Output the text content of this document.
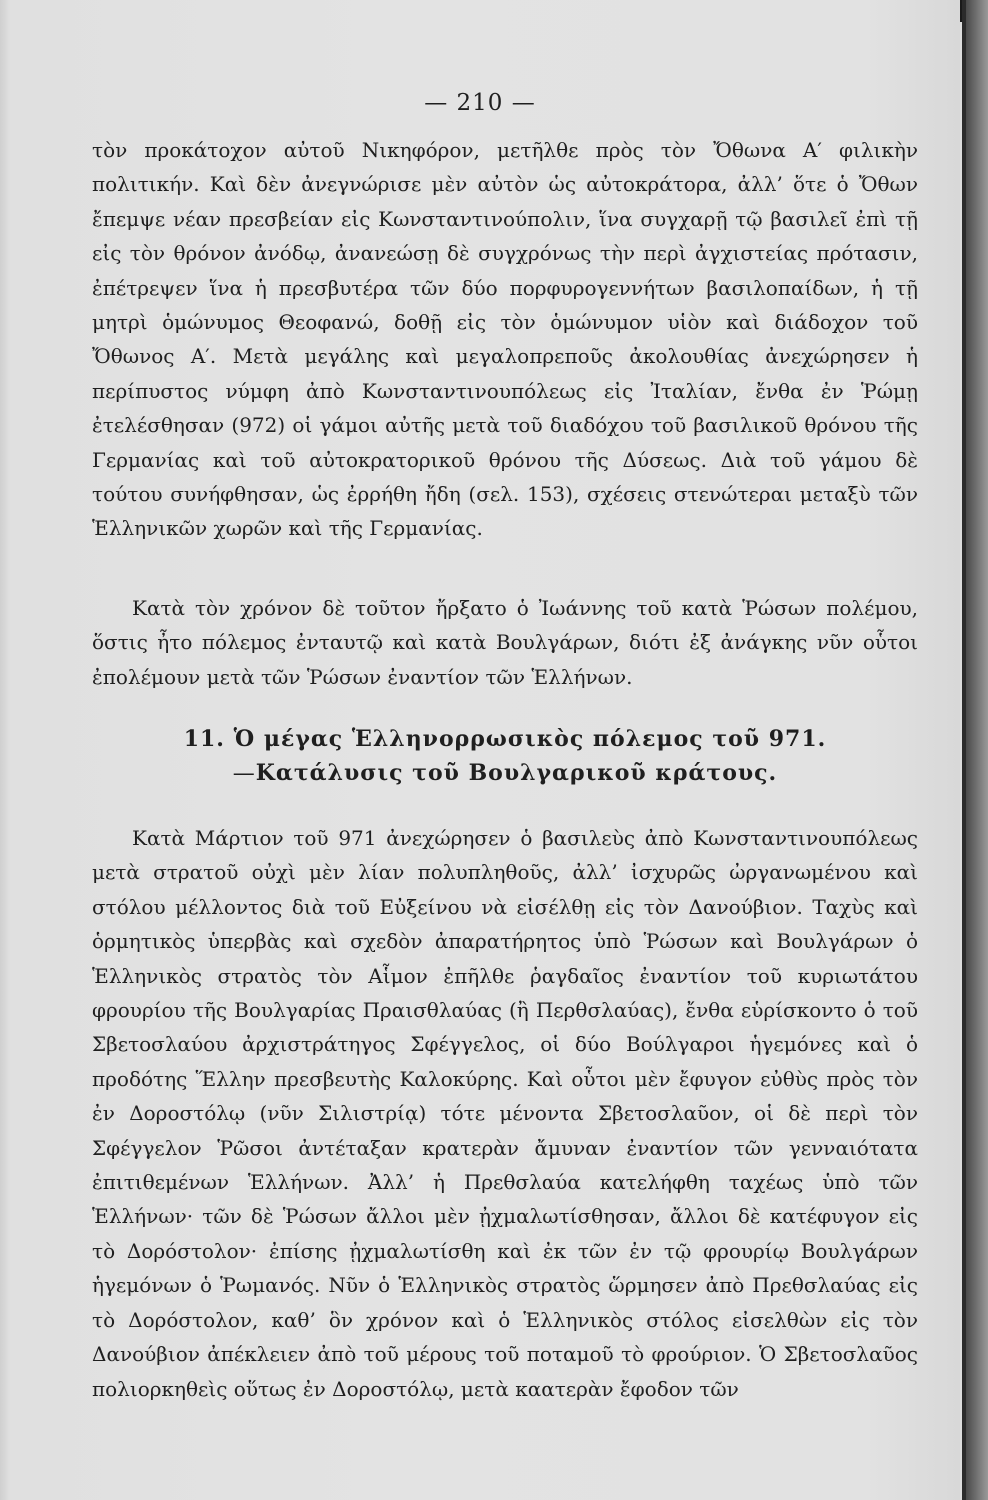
— 210 —

τὸν προκάτοχον αὐτοῦ Νικηφόρον, μετῆλθε πρὸς τὸν Ὄθωνα Α′ φιλικὴν πολιτικήν. Καὶ δὲν ἀνεγνώρισε μὲν αὐτὸν ὡς αὐτοκράτορα, ἀλλ’ ὅτε ὁ Ὄθων ἔπεμψε νέαν πρεσβείαν εἰς Κωνσταντινούπολιν, ἵνα συγχαρῇ τῷ βασιλεῖ ἐπὶ τῇ εἰς τὸν θρόνον ἀνόδῳ, ἀνανεώσῃ δὲ συγχρόνως τὴν περὶ ἀγχιστείας πρότασιν, ἐπέτρεψεν ἵνα ἡ πρεσβυτέρα τῶν δύο πορφυρογεννήτων βασιλοπαίδων, ἡ τῇ μητρὶ ὁμώνυμος Θεοφανώ, δοθῇ εἰς τὸν ὁμώνυμον υἱὸν καὶ διάδοχον τοῦ Ὄθωνος Α′. Μετὰ μεγάλης καὶ μεγαλοπρεποῦς ἀκολουθίας ἀνεχώρησεν ἡ περίπυστος νύμφη ἀπὸ Κωνσταντινουπόλεως εἰς Ἰταλίαν, ἔνθα ἐν Ῥώμῃ ἐτελέσθησαν (972) οἱ γάμοι αὐτῆς μετὰ τοῦ διαδόχου τοῦ βασιλικοῦ θρόνου τῆς Γερμανίας καὶ τοῦ αὐτοκρατορικοῦ θρόνου τῆς Δύσεως. Διὰ τοῦ γάμου δὲ τούτου συνήφθησαν, ὡς ἐρρήθη ἤδη (σελ. 153), σχέσεις στενώτεραι μεταξὺ τῶν Ἑλληνικῶν χωρῶν καὶ τῆς Γερμανίας.

Κατὰ τὸν χρόνον δὲ τοῦτον ἤρξατο ὁ Ἰωάννης τοῦ κατὰ Ῥώσων πολέμου, ὅστις ἦτο πόλεμος ἐνταυτῷ καὶ κατὰ Βουλγάρων, διότι ἐξ ἀνάγκης νῦν οὗτοι ἐπολέμουν μετὰ τῶν Ῥώσων ἐναντίον τῶν Ἑλλήνων.

11. Ὁ μέγας Ἑλληνορρωσικὸς πόλεμος τοῦ 971.
—Κατάλυσις τοῦ Βουλγαρικοῦ κράτους.

Κατὰ Μάρτιον τοῦ 971 ἀνεχώρησεν ὁ βασιλεὺς ἀπὸ Κωνσταντινουπόλεως μετὰ στρατοῦ οὐχὶ μὲν λίαν πολυπληθοῦς, ἀλλ’ ἰσχυρῶς ὠργανωμένου καὶ στόλου μέλλοντος διὰ τοῦ Εὐξείνου νὰ εἰσέλθῃ εἰς τὸν Δανούβιον. Ταχὺς καὶ ὁρμητικὸς ὑπερβὰς καὶ σχεδὸν ἀπαρατήρητος ὑπὸ Ῥώσων καὶ Βουλγάρων ὁ Ἑλληνικὸς στρατὸς τὸν Αἷμον ἐπῆλθε ῥαγδαῖος ἐναντίον τοῦ κυριωτάτου φρουρίου τῆς Βουλγαρίας Πραισθλαύας (ἢ Περθσλαύας), ἔνθα εὑρίσκοντο ὁ τοῦ Σβετοσλαύου ἀρχιστράτηγος Σφέγγελος, οἱ δύο Βούλγαροι ἡγεμόνες καὶ ὁ προδότης Ἕλλην πρεσβευτὴς Καλοκύρης. Καὶ οὗτοι μὲν ἔφυγον εὐθὺς πρὸς τὸν ἐν Δοροστόλῳ (νῦν Σιλιστρίᾳ) τότε μένοντα Σβετοσλαῦον, οἱ δὲ περὶ τὸν Σφέγγελον Ῥῶσοι ἀντέταξαν κρατερὰν ἄμυναν ἐναντίον τῶν γενναιότατα ἐπιτιθεμένων Ἑλλήνων. Ἀλλ’ ἡ Πρεθσλαύα κατελήφθη ταχέως ὑπὸ τῶν Ἑλλήνων· τῶν δὲ Ῥώσων ἄλλοι μὲν ᾐχμαλωτίσθησαν, ἄλλοι δὲ κατέφυγον εἰς τὸ Δορόστολον· ἐπίσης ᾐχμαλωτίσθη καὶ ἐκ τῶν ἐν τῷ φρουρίῳ Βουλγάρων ἡγεμόνων ὁ Ῥωμανός. Νῦν ὁ Ἑλληνικὸς στρατὸς ὥρμησεν ἀπὸ Πρεθσλαύας εἰς τὸ Δορόστολον, καθ’ ὃν χρόνον καὶ ὁ Ἑλληνικὸς στόλος εἰσελθὼν εἰς τὸν Δανούβιον ἀπέκλειεν ἀπὸ τοῦ μέρους τοῦ ποταμοῦ τὸ φρούριον. Ὁ Σβετοσλαῦος πολιορκηθεὶς οὕτως ἐν Δοροστόλῳ, μετὰ καατερὰν ἔφοδον τῶν
